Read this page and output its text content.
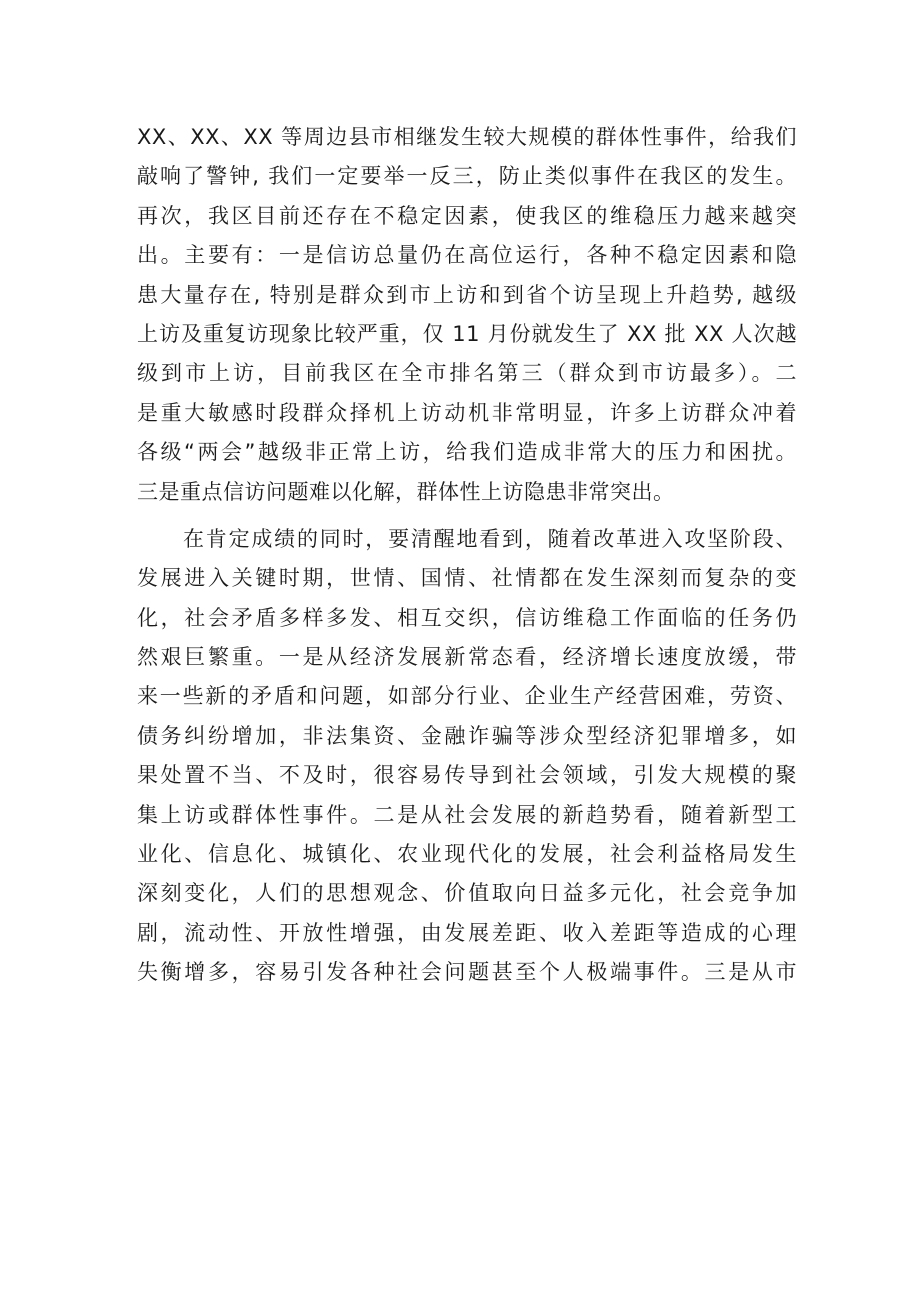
XX、XX、XX 等周边县市相继发生较大规模的群体性事件，给我们
敲响了警钟, 我们一定要举一反三，防止类似事件在我区的发生。
再次，我区目前还存在不稳定因素，使我区的维稳压力越来越突
出。主要有：一是信访总量仍在高位运行，各种不稳定因素和隐
患大量存在, 特别是群众到市上访和到省个访呈现上升趋势, 越级
上访及重复访现象比较严重，仅 11 月份就发生了 XX 批 XX 人次越
级到市上访，目前我区在全市排名第三（群众到市访最多）。二
是重大敏感时段群众择机上访动机非常明显，许多上访群众冲着
各级“两会”越级非正常上访，给我们造成非常大的压力和困扰。
三是重点信访问题难以化解，群体性上访隐患非常突出。
在肯定成绩的同时，要清醒地看到，随着改革进入攻坚阶段、
发展进入关键时期，世情、国情、社情都在发生深刻而复杂的变
化，社会矛盾多样多发、相互交织，信访维稳工作面临的任务仍
然艰巨繁重。一是从经济发展新常态看，经济增长速度放缓，带
来一些新的矛盾和问题，如部分行业、企业生产经营困难，劳资、
债务纠纷增加，非法集资、金融诈骗等涉众型经济犯罪增多，如
果处置不当、不及时，很容易传导到社会领域，引发大规模的聚
集上访或群体性事件。二是从社会发展的新趋势看，随着新型工
业化、信息化、城镇化、农业现代化的发展，社会利益格局发生
深刻变化，人们的思想观念、价值取向日益多元化，社会竞争加
剧，流动性、开放性增强，由发展差距、收入差距等造成的心理
失衡增多，容易引发各种社会问题甚至个人极端事件。三是从市
